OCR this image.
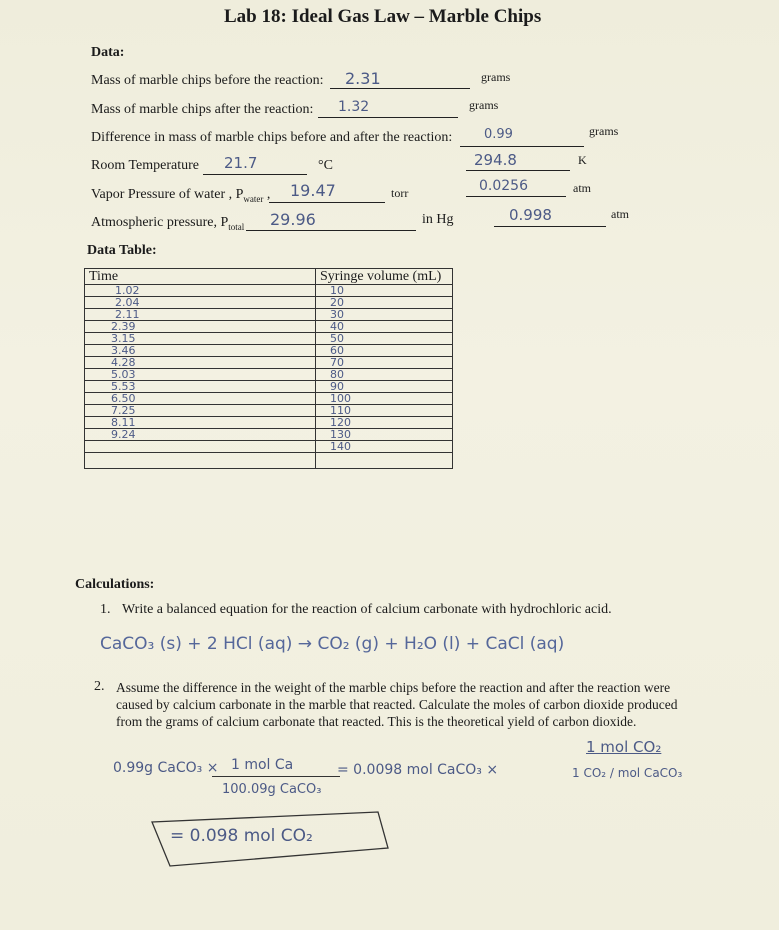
Lab 18: Ideal Gas Law – Marble Chips
Data:
Mass of marble chips before the reaction: 2.31	grams
Mass of marble chips after the reaction: 1.32	grams
Difference in mass of marble chips before and after the reaction: 0.99	grams
Room Temperature 21.7	°C	294.8	K
Vapor Pressure of water , $P_{water}$ , 19.47	torr	0.0256	atm
Atmospheric pressure, $P_{total}$ 29.96	in Hg	0.998	atm
Data Table:
Time	Syringe volume (mL)
1.02	10
2.04	20
2.11	30
2.39	40
3.15	50
3.46	60
4.28	70
5.03	80
5.53	90
6.50	100
7.25	110
8.11	120
9.24	130
	140

Calculations:
1. Write a balanced equation for the reaction of calcium carbonate with hydrochloric acid.
CaCO₃ (s) + 2 HCl (aq) → CO₂ (g) + H₂O (l) + CaCl (aq)
2. Assume the difference in the weight of the marble chips before the reaction and after the reaction were caused by calcium carbonate in the marble that reacted. Calculate the moles of carbon dioxide produced from the grams of calcium carbonate that reacted. This is the theoretical yield of carbon dioxide.
0.99g CaCO₃ × 1 mol Ca
100.09g CaCO₃
= 0.0098 mol CaCO₃ ×
1 mol CO₂
1 CO₂ / mol CaCO₃
= 0.098 mol CO₂
